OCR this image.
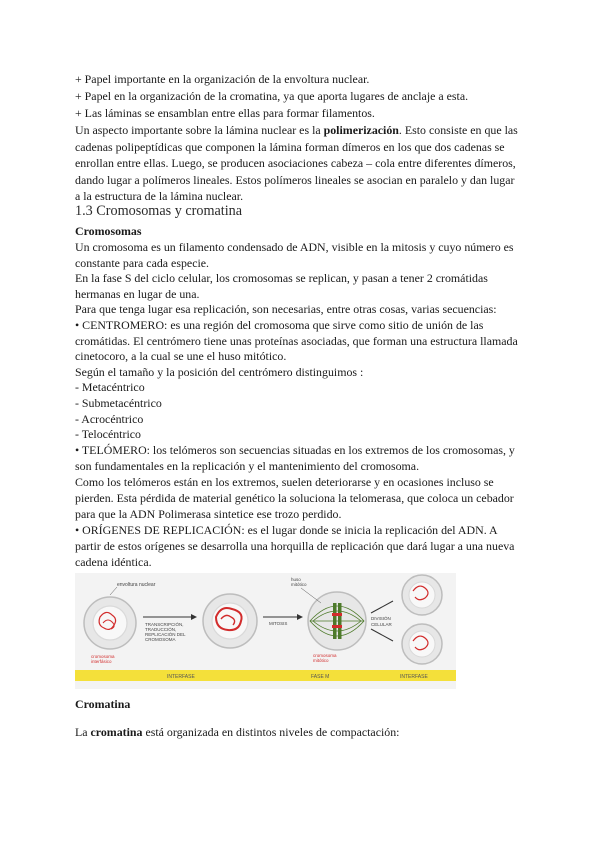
+ Papel importante en la organización de la envoltura nuclear.
+ Papel en la organización de la cromatina, ya que aporta lugares de anclaje a esta.
+ Las láminas se ensamblan entre ellas para formar filamentos.
Un aspecto importante sobre la lámina nuclear es la polimerización. Esto consiste en que las
cadenas polipeptídicas que componen la lámina forman dímeros en los que dos cadenas se
enrollan entre ellas. Luego, se producen asociaciones cabeza – cola entre diferentes dímeros,
dando lugar a polímeros lineales. Estos polímeros lineales se asocian en paralelo y dan lugar
a la estructura de la lámina nuclear.
1.3 Cromosomas y cromatina
Cromosomas
Un cromosoma es un filamento condensado de ADN, visible en la mitosis y cuyo número es
constante para cada especie.
En la fase S del ciclo celular, los cromosomas se replican, y pasan a tener 2 cromátidas
hermanas en lugar de una.
Para que tenga lugar esa replicación, son necesarias, entre otras cosas, varias secuencias:
• CENTROMERO: es una región del cromosoma que sirve como sitio de unión de las
cromátidas. El centrómero tiene unas proteínas asociadas, que forman una estructura llamada
cinetocoro, a la cual se une el huso mitótico.
Según el tamaño y la posición del centrómero distinguimos :
- Metacéntrico
- Submetacéntrico
- Acrocéntrico
- Telocéntrico
• TELÓMERO: los telómeros son secuencias situadas en los extremos de los cromosomas, y
son fundamentales en la replicación y el mantenimiento del cromosoma.
Como los telómeros están en los extremos, suelen deteriorarse y en ocasiones incluso se
pierden. Esta pérdida de material genético la soluciona la telomerasa, que coloca un cebador
para que la ADN Polimerasa sintetice ese trozo perdido.
• ORÍGENES DE REPLICACIÓN: es el lugar donde se inicia la replicación del ADN. A
partir de estos orígenes se desarrolla una horquilla de replicación que dará lugar a una nueva
cadena idéntica.
INTERFASE	FASE M	INTERFASE
envoltura nuclear
cromosoma
interfásico
TRANSCRIPCIÓN,
TRADUCCIÓN,
REPLICACIÓN DEL
CROMOSOMA
MITOSIS
huso
mitótico
cromosoma
mitótico
DIVISIÓN
CELULAR
Cromatina
La cromatina está organizada en distintos niveles de compactación:
